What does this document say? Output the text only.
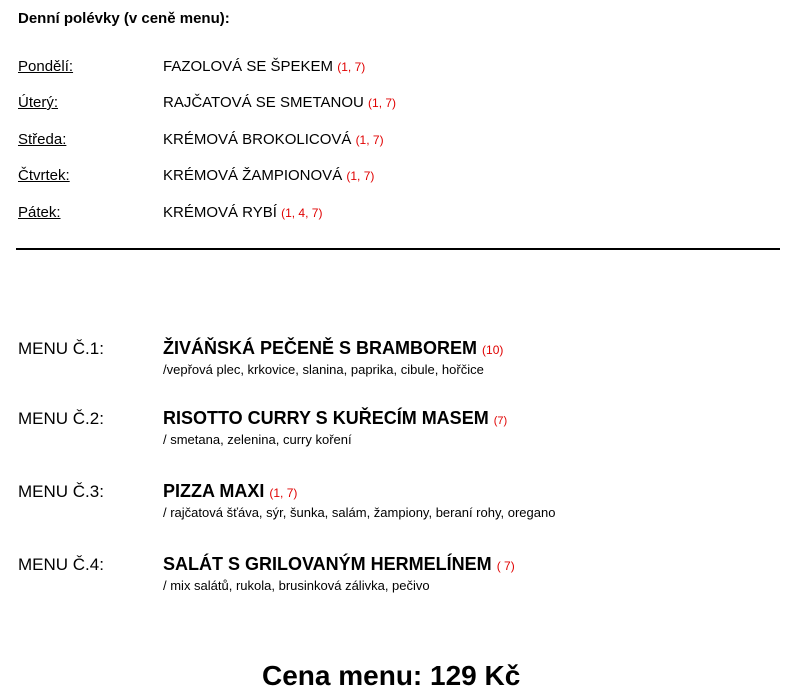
Denní polévky (v ceně menu):
Pondělí:	FAZOLOVÁ SE ŠPEKEM (1, 7)
Úterý:	RAJČATOVÁ SE SMETANOU (1, 7)
Středa:	KRÉMOVÁ BROKOLICOVÁ (1, 7)
Čtvrtek:	KRÉMOVÁ ŽAMPIONOVÁ (1, 7)
Pátek:	KRÉMOVÁ RYBÍ (1, 4, 7)
MENU Č.1:	ŽIVÁŇSKÁ PEČENĚ S BRAMBOREM (10)
/vepřová plec, krkovice, slanina, paprika, cibule, hořčice
MENU Č.2:	RISOTTO CURRY S KUŘECÍM MASEM (7)
/ smetana, zelenina, curry koření
MENU Č.3:	PIZZA MAXI (1, 7)
/ rajčatová šťáva, sýr, šunka, salám, žampiony, beraní rohy, oregano
MENU Č.4:	SALÁT S GRILOVANÝM HERMELÍNEM ( 7)
/ mix salátů, rukola, brusinková zálivka, pečivo
Cena menu: 129 Kč
